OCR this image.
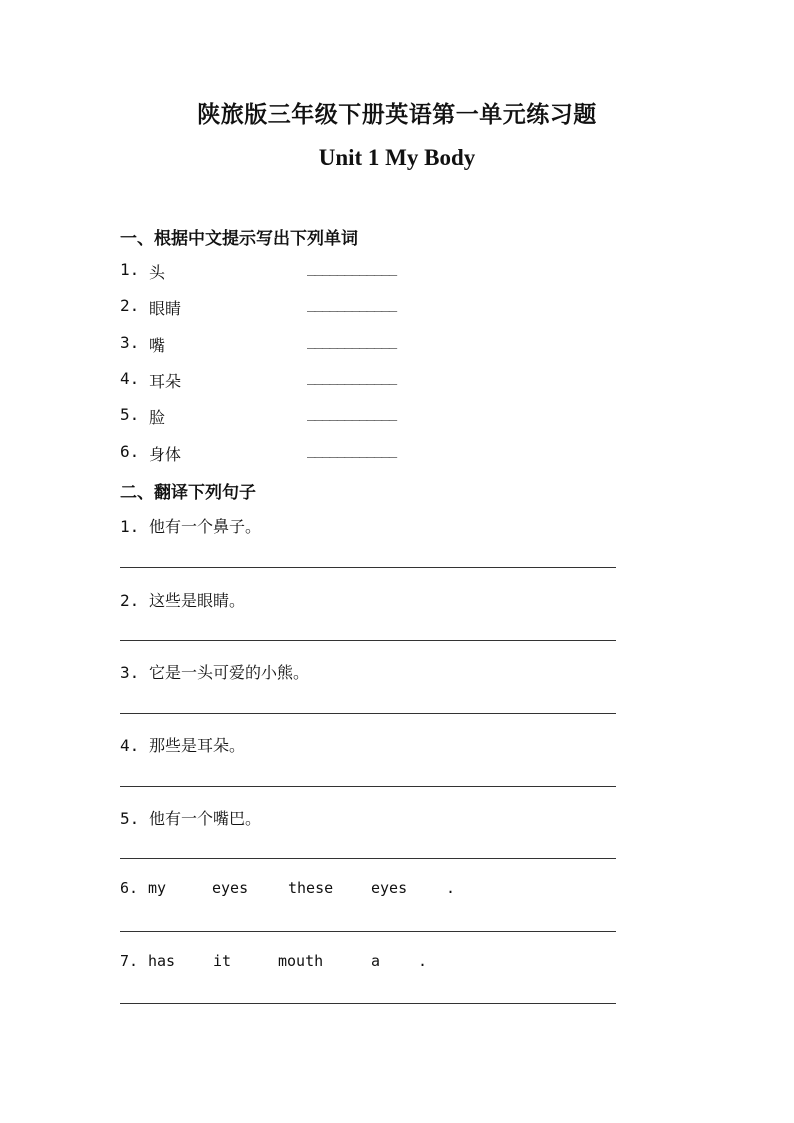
陕旅版三年级下册英语第一单元练习题
Unit 1 My Body
一、根据中文提示写出下列单词
1. 头	____________
2. 眼睛	____________
3. 嘴	____________
4. 耳朵	____________
5. 脸	____________
6. 身体	____________
二、翻译下列句子
1. 他有一个鼻子。
2. 这些是眼睛。
3. 它是一头可爱的小熊。
4. 那些是耳朵。
5. 他有一个嘴巴。

6.

my

	eyes

	these

	eyes

	.

7.

has

	it

	mouth

	a

	.
